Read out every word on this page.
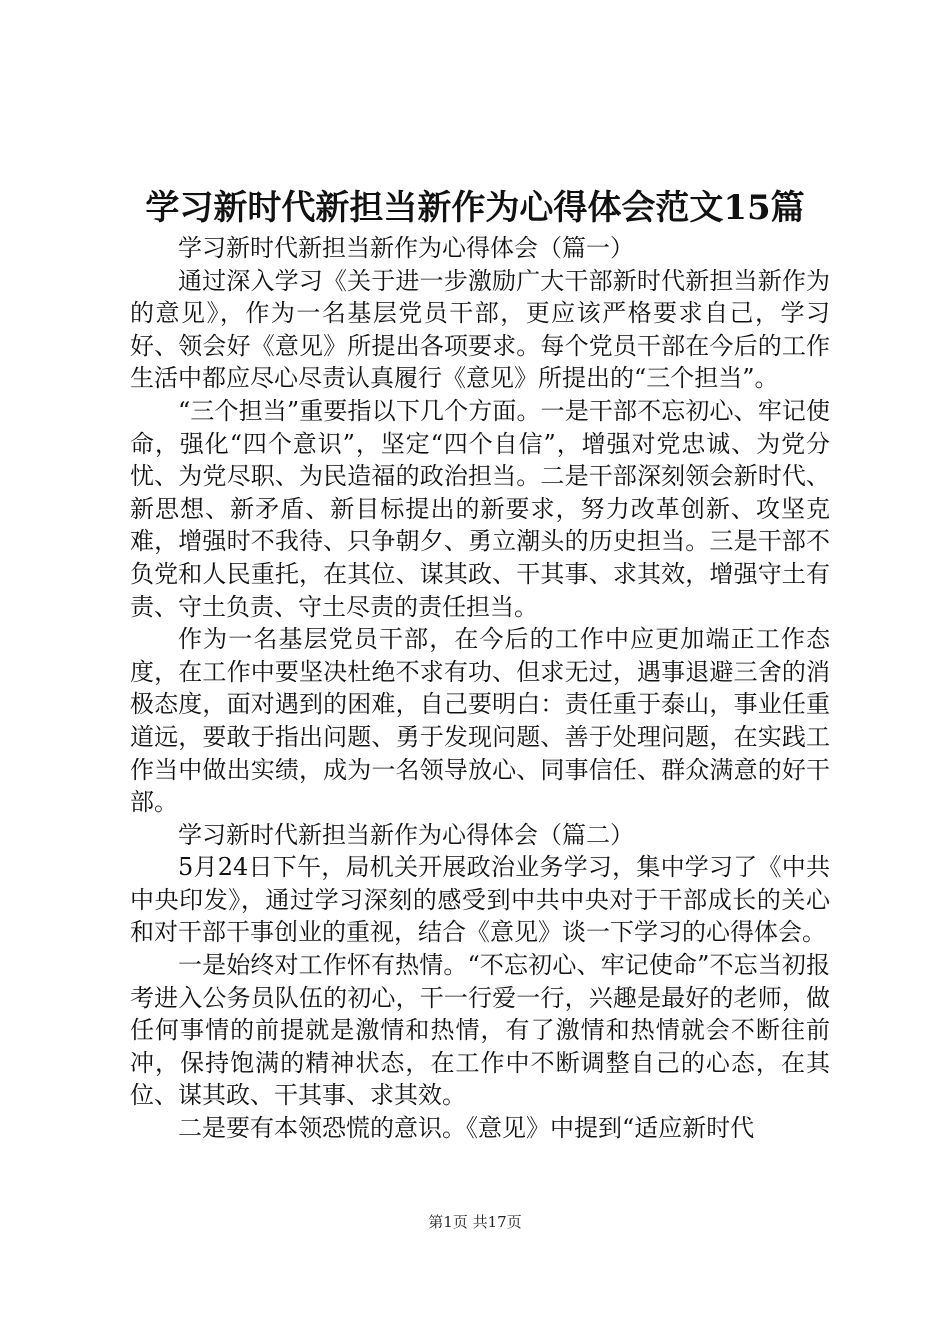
学习新时代新担当新作为心得体会范文15篇

学习新时代新担当新作为心得体会（篇一）

通过深入学习《关于进一步激励广大干部新时代新担当新作为的意见》，作为一名基层党员干部，更应该严格要求自己，学习好、领会好《意见》所提出各项要求。每个党员干部在今后的工作生活中都应尽心尽责认真履行《意见》所提出的“三个担当”。

“三个担当”重要指以下几个方面。一是干部不忘初心、牢记使命，强化“四个意识”，坚定“四个自信”，增强对党忠诚、为党分忧、为党尽职、为民造福的政治担当。二是干部深刻领会新时代、新思想、新矛盾、新目标提出的新要求，努力改革创新、攻坚克难，增强时不我待、只争朝夕、勇立潮头的历史担当。三是干部不负党和人民重托，在其位、谋其政、干其事、求其效，增强守土有责、守土负责、守土尽责的责任担当。

作为一名基层党员干部，在今后的工作中应更加端正工作态度，在工作中要坚决杜绝不求有功、但求无过，遇事退避三舍的消极态度，面对遇到的困难，自己要明白：责任重于泰山，事业任重道远，要敢于指出问题、勇于发现问题、善于处理问题，在实践工作当中做出实绩，成为一名领导放心、同事信任、群众满意的好干部。

学习新时代新担当新作为心得体会（篇二）

5月24日下午，局机关开展政治业务学习，集中学习了《中共中央印发》，通过学习深刻的感受到中共中央对于干部成长的关心和对干部干事创业的重视，结合《意见》谈一下学习的心得体会。

一是始终对工作怀有热情。“不忘初心、牢记使命”不忘当初报考进入公务员队伍的初心，干一行爱一行，兴趣是最好的老师，做任何事情的前提就是激情和热情，有了激情和热情就会不断往前冲，保持饱满的精神状态，在工作中不断调整自己的心态，在其位、谋其政、干其事、求其效。

二是要有本领恐慌的意识。《意见》中提到“适应新时代

第1页 共17页
